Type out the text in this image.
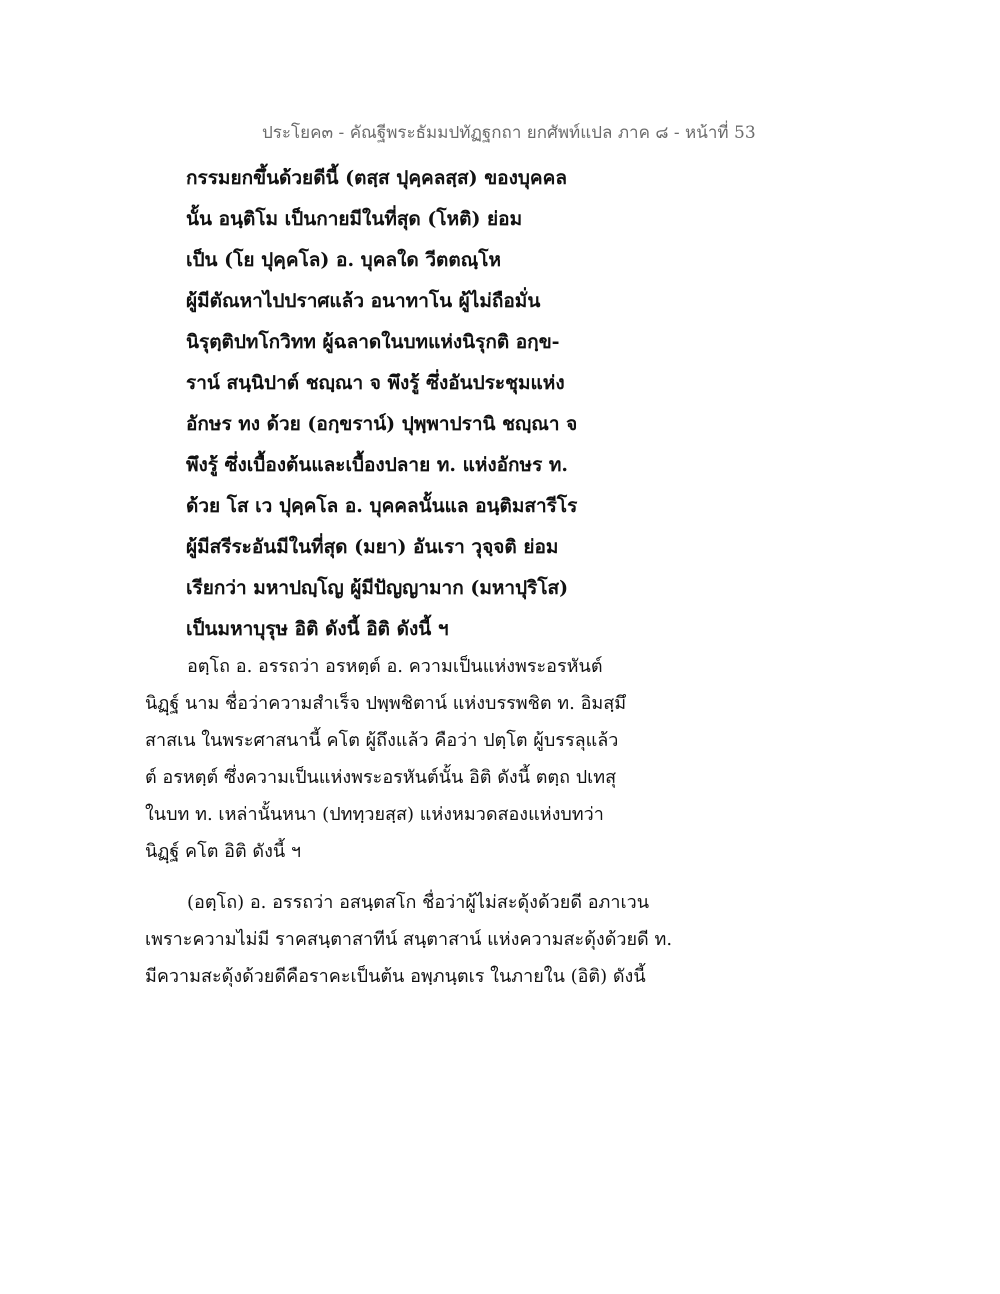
ประโยค๓ - คัณฐีพระธัมมปทัฏฐกถา ยกศัพท์แปล ภาค ๘ - หน้าที่ 53
กรรมยกขึ้นด้วยดีนี้ (ตสฺส ปุคฺคลสฺส) ของบุคคล
นั้น อนฺติโม เป็นกายมีในที่สุด (โหติ) ย่อม
เป็น (โย ปุคฺคโล) อ. บุคลใด วีตตณฺโห
ผู้มีตัณหาไปปราศแล้ว อนาทาโน ผู้ไม่ถือมั่น
นิรุตฺติปทโกวิทท ผู้ฉลาดในบทแห่งนิรุกติ อกฺข-
ราน์ สนฺนิปาต์ ชญฺณา จ พึงรู้ ซึ่งอันประชุมแห่ง
อักษร ทง ด้วย (อกฺขราน์) ปุพฺพาปรานิ ชญฺณา จ
พึงรู้ ซึ่งเบื้องต้นและเบื้องปลาย ท. แห่งอักษร ท.
ด้วย โส เว ปุคฺคโล อ. บุคคลนั้นแล อนฺติมสารีโร
ผู้มีสรีระอันมีในที่สุด (มยา) อันเรา วุจฺจติ ย่อม
เรียกว่า มหาปญฺโญ ผู้มีปัญญามาก (มหาปุริโส)
เป็นมหาบุรุษ อิติ ดังนี้ อิติ ดังนี้ ฯ
อตฺโถ อ. อรรถว่า อรหตฺต์ อ. ความเป็นแห่งพระอรหันต์
นิฏฺฐ์ นาม ชื่อว่าความสำเร็จ ปพฺพชิตาน์ แห่งบรรพชิต ท. อิมสฺมึ
สาสเน ในพระศาสนานี้ คโต ผู้ถึงแล้ว คือว่า ปตฺโต ผู้บรรลุแล้ว
ต์ อรหตฺต์ ซึ่งความเป็นแห่งพระอรหันต์นั้น อิติ ดังนี้ ตตฺถ ปเทสุ
ในบท ท. เหล่านั้นหนา (ปททฺวยสฺส) แห่งหมวดสองแห่งบทว่า
นิฏฺฐ์ คโต อิติ ดังนี้ ฯ
(อตฺโถ) อ. อรรถว่า อสนฺตสโก ชื่อว่าผู้ไม่สะดุ้งด้วยดี อภาเวน
เพราะความไม่มี ราคสนฺตาสาทีน์ สนฺตาสาน์ แห่งความสะดุ้งด้วยดี ท.
มีความสะดุ้งด้วยดีคือราคะเป็นต้น อพฺภนฺตเร ในภายใน (อิติ) ดังนี้
